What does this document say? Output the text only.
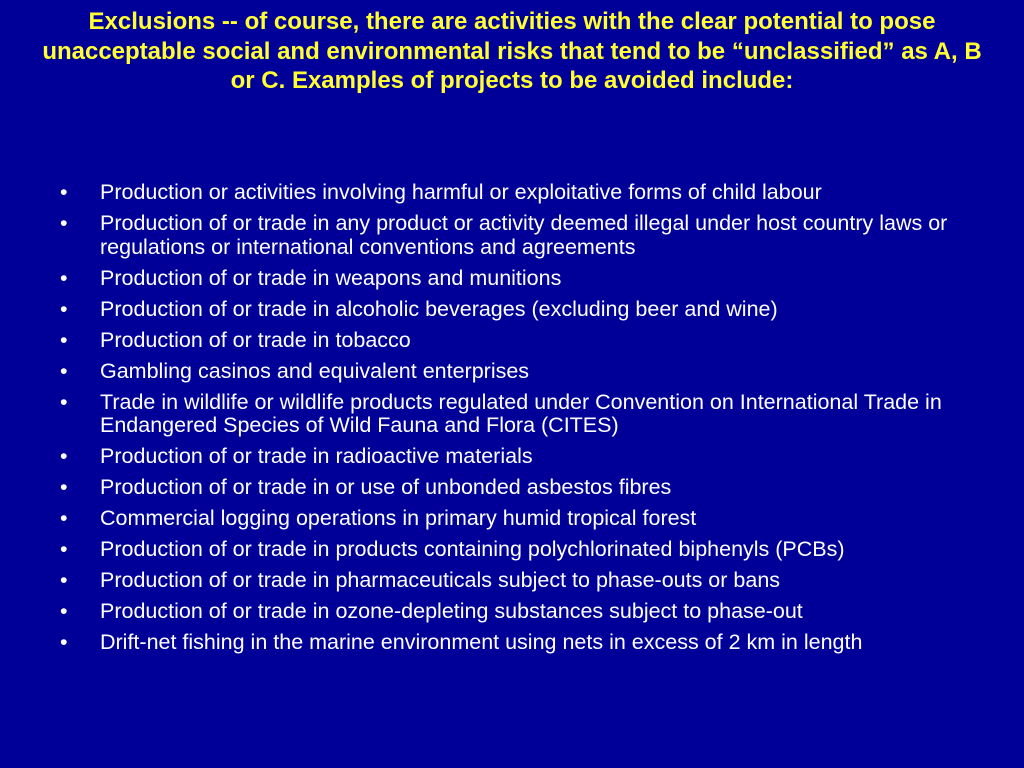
Exclusions -- of course, there are activities with the clear potential to pose unacceptable social and environmental risks that tend to be “unclassified” as A, B or C. Examples of projects to be avoided include:
• Production or activities involving harmful or exploitative forms of child labour
• Production of or trade in any product or activity deemed illegal under host country laws or regulations or international conventions and agreements
• Production of or trade in weapons and munitions
• Production of or trade in alcoholic beverages (excluding beer and wine)
• Production of or trade in tobacco
• Gambling casinos and equivalent enterprises
• Trade in wildlife or wildlife products regulated under Convention on International Trade in Endangered Species of Wild Fauna and Flora (CITES)
• Production of or trade in radioactive materials
• Production of or trade in or use of unbonded asbestos fibres
• Commercial logging operations in primary humid tropical forest
• Production of or trade in products containing polychlorinated biphenyls (PCBs)
• Production of or trade in pharmaceuticals subject to phase-outs or bans
• Production of or trade in ozone-depleting substances subject to phase-out
• Drift-net fishing in the marine environment using nets in excess of 2 km in length
